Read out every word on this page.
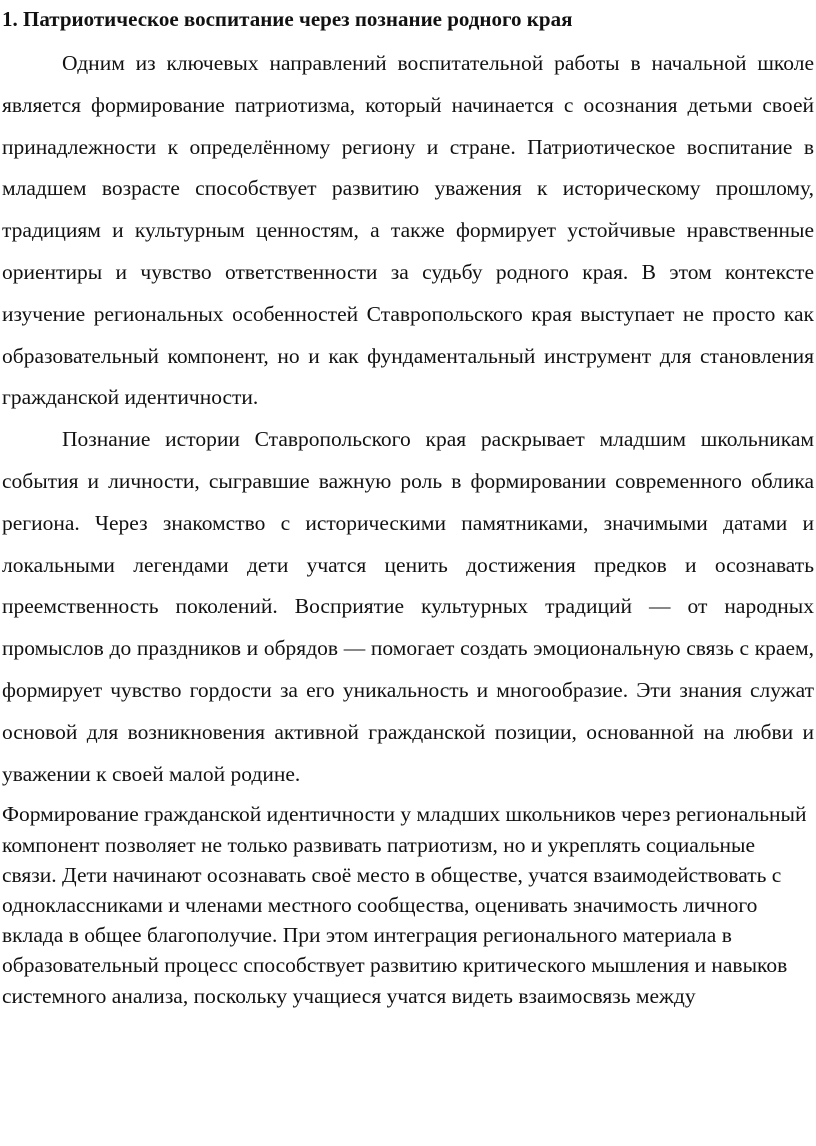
1. Патриотическое воспитание через познание родного края

Одним из ключевых направлений воспитательной работы в начальной школе является формирование патриотизма, который начинается с осознания детьми своей принадлежности к определённому региону и стране. Патриотическое воспитание в младшем возрасте способствует развитию уважения к историческому прошлому, традициям и культурным ценностям, а также формирует устойчивые нравственные ориентиры и чувство ответственности за судьбу родного края. В этом контексте изучение региональных особенностей Ставропольского края выступает не просто как образовательный компонент, но и как фундаментальный инструмент для становления гражданской идентичности.

Познание истории Ставропольского края раскрывает младшим школьникам события и личности, сыгравшие важную роль в формировании современного облика региона. Через знакомство с историческими памятниками, значимыми датами и локальными легендами дети учатся ценить достижения предков и осознавать преемственность поколений. Восприятие культурных традиций — от народных промыслов до праздников и обрядов — помогает создать эмоциональную связь с краем, формирует чувство гордости за его уникальность и многообразие. Эти знания служат основой для возникновения активной гражданской позиции, основанной на любви и уважении к своей малой родине.

Формирование гражданской идентичности у младших школьников через региональный компонент позволяет не только развивать патриотизм, но и укреплять социальные связи. Дети начинают осознавать своё место в обществе, учатся взаимодействовать с одноклассниками и членами местного сообщества, оценивать значимость личного вклада в общее благополучие. При этом интеграция регионального материала в образовательный процесс способствует развитию критического мышления и навыков системного анализа, поскольку учащиеся учатся видеть взаимосвязь между
